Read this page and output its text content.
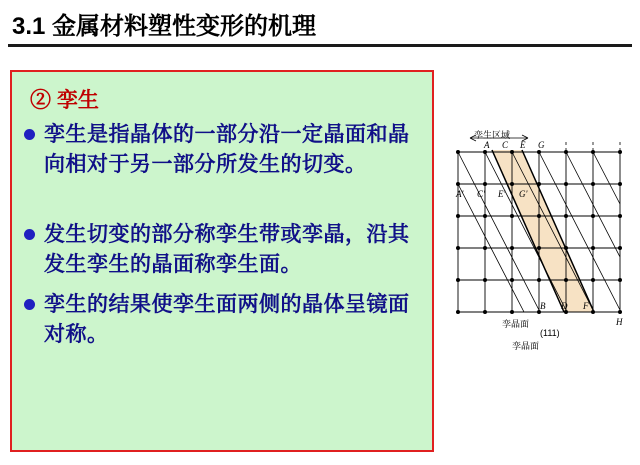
3.1 金属材料塑性变形的机理
② 孪生
孪生是指晶体的一部分沿一定晶面和晶向相对于另一部分所发生的切变。
发生切变的部分称孪生带或孪晶，沿其发生孪生的晶面称孪生面。
孪生的结果使孪生面两侧的晶体呈镜面对称。
A C E G
A' C' E' G'
B D F
H
孪生区域
孪晶面
(111)
孪晶面
